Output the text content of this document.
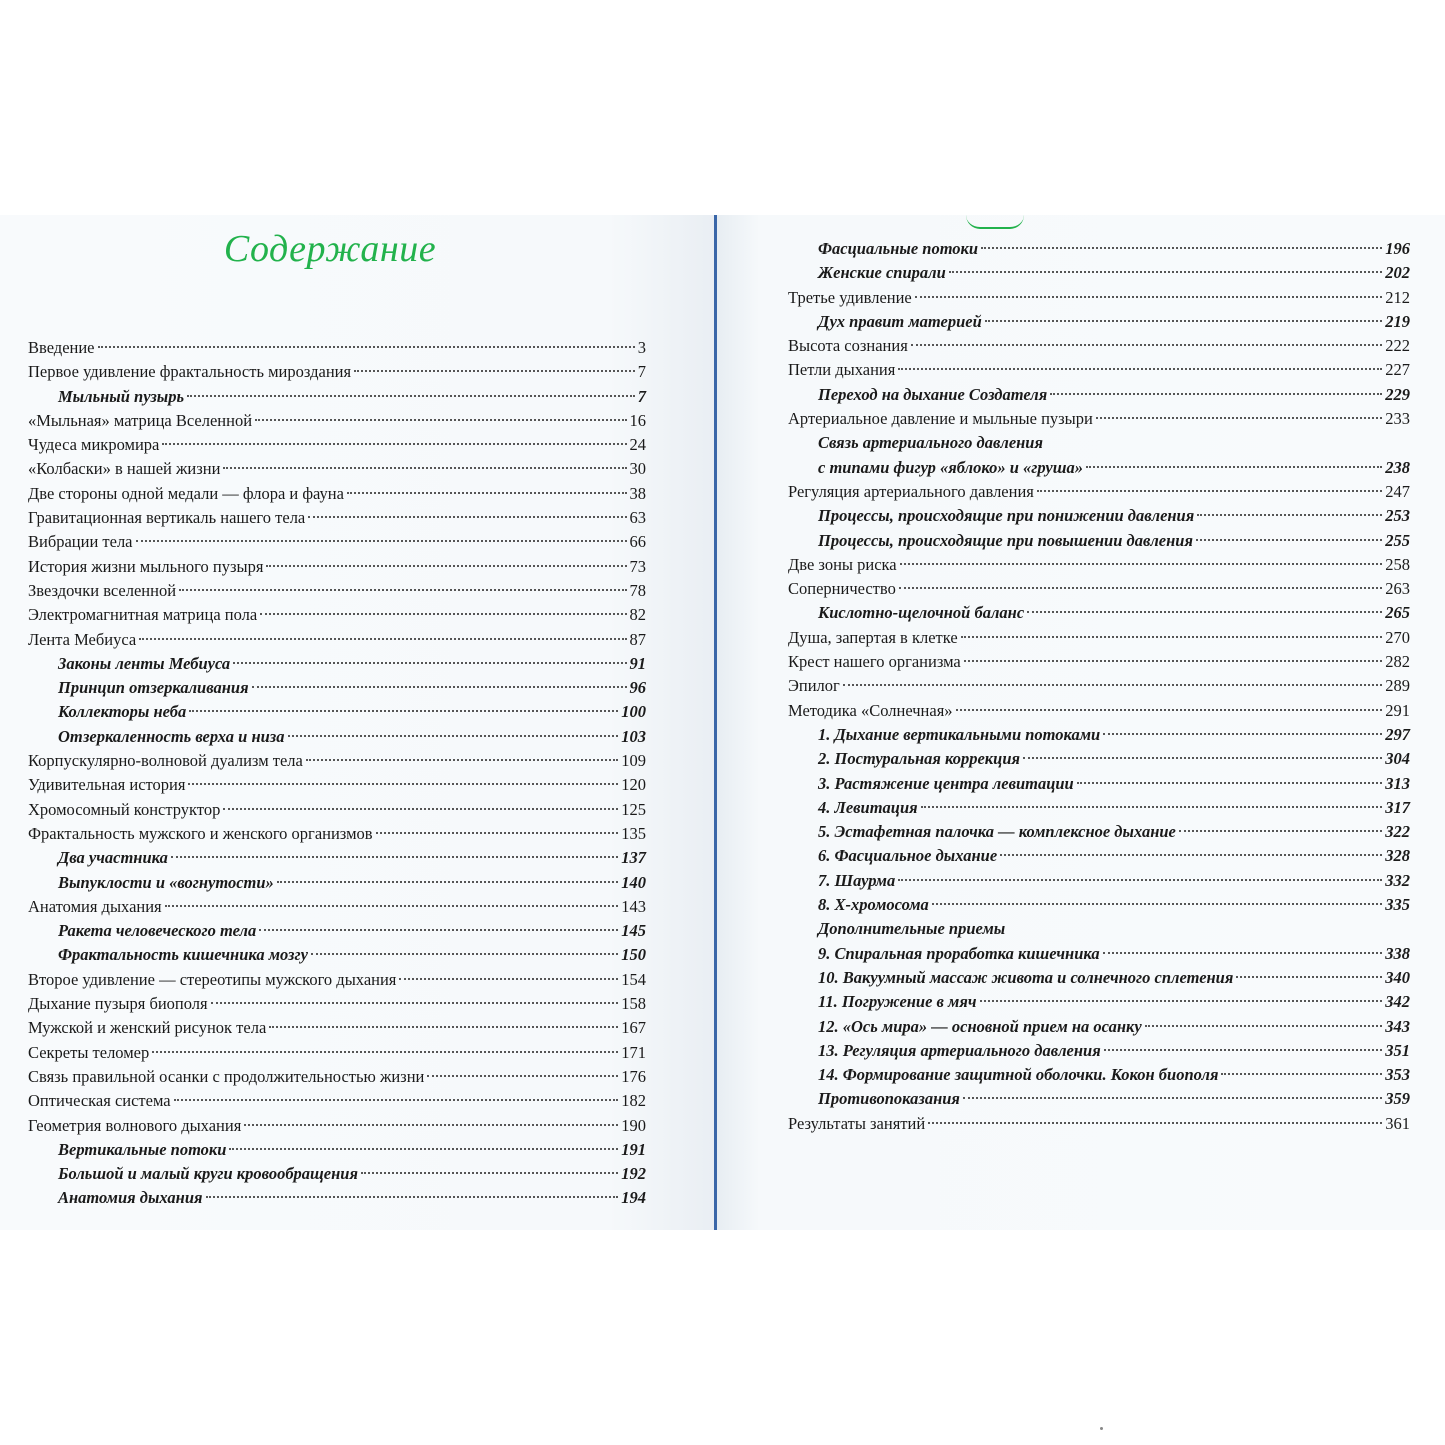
Содержание
Введение	3
Первое удивление фрактальность мироздания	7
Мыльный пузырь	7
«Мыльная» матрица Вселенной	16
Чудеса микромира	24
«Колбаски» в нашей жизни	30
Две стороны одной медали — флора и фауна	38
Гравитационная вертикаль нашего тела	63
Вибрации тела	66
История жизни мыльного пузыря	73
Звездочки вселенной	78
Электромагнитная матрица пола	82
Лента Мебиуса	87
Законы ленты Мебиуса	91
Принцип отзеркаливания	96
Коллекторы неба	100
Отзеркаленность верха и низа	103
Корпускулярно-волновой дуализм тела	109
Удивительная история	120
Хромосомный конструктор	125
Фрактальность мужского и женского организмов	135
Два участника	137
Выпуклости и «вогнутости»	140
Анатомия дыхания	143
Ракета человеческого тела	145
Фрактальность кишечника мозгу	150
Второе удивление — стереотипы мужского дыхания	154
Дыхание пузыря биополя	158
Мужской и женский рисунок тела	167
Секреты теломер	171
Связь правильной осанки с продолжительностью жизни	176
Оптическая система	182
Геометрия волнового дыхания	190
Вертикальные потоки	191
Большой и малый круги кровообращения	192
Анатомия дыхания	194
Фасциальные потоки	196
Женские спирали	202
Третье удивление	212
Дух правит материей	219
Высота сознания	222
Петли дыхания	227
Переход на дыхание Создателя	229
Артериальное давление и мыльные пузыри	233
Связь артериального давления
с типами фигур «яблоко» и «груша»	238
Регуляция артериального давления	247
Процессы, происходящие при понижении давления	253
Процессы, происходящие при повышении давления	255
Две зоны риска	258
Соперничество	263
Кислотно-щелочной баланс	265
Душа, запертая в клетке	270
Крест нашего организма	282
Эпилог	289
Методика «Солнечная»	291
1. Дыхание вертикальными потоками	297
2. Постуральная коррекция	304
3. Растяжение центра левитации	313
4. Левитация	317
5. Эстафетная палочка — комплексное дыхание	322
6. Фасциальное дыхание	328
7. Шаурма	332
8. Х-хромосома	335
Дополнительные приемы
9. Спиральная проработка кишечника	338
10. Вакуумный массаж живота и солнечного сплетения	340
11. Погружение в мяч	342
12. «Ось мира» — основной прием на осанку	343
13. Регуляция артериального давления	351
14. Формирование защитной оболочки. Кокон биополя	353
Противопоказания	359
Результаты занятий	361
